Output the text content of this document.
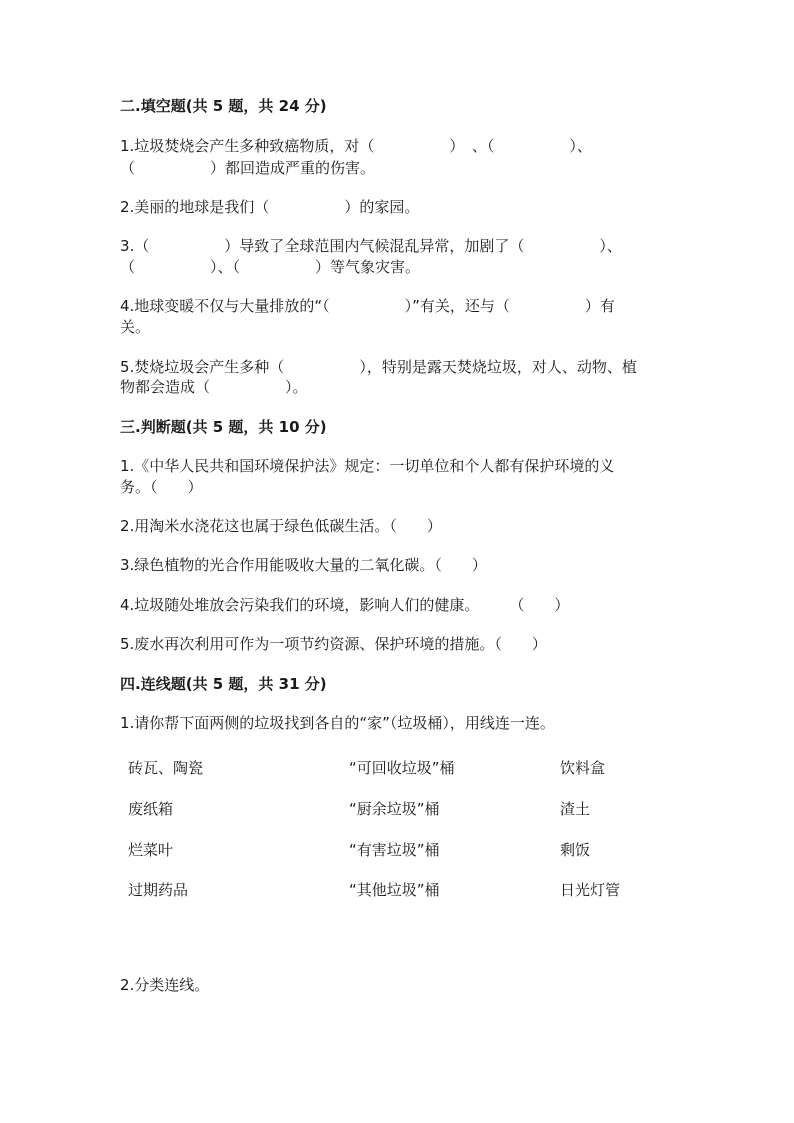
二.填空题(共 5 题，共 24 分)
1.垃圾焚烧会产生多种致癌物质，对（　　　　　）　、（　　　　　）、
（　　　　　）都回造成严重的伤害。
2.美丽的地球是我们（　　　　　）的家园。
3.（　　　　　）导致了全球范围内气候混乱异常，加剧了（　　　　　）、
（　　　　　）、（　　　　　）等气象灾害。
4.地球变暖不仅与大量排放的“（　　　　　）”有关，还与（　　　　　）有
关。
5.焚烧垃圾会产生多种（　　　　　），特别是露天焚烧垃圾，对人、动物、植
物都会造成（　　　　　）。
三.判断题(共 5 题，共 10 分)
1.《中华人民共和国环境保护法》规定：一切单位和个人都有保护环境的义
务。（　　）
2.用淘米水浇花这也属于绿色低碳生活。（　　）
3.绿色植物的光合作用能吸收大量的二氧化碳。（　　）
4.垃圾随处堆放会污染我们的环境，影响人们的健康。　　　（　　）
5.废水再次利用可作为一项节约资源、保护环境的措施。（　　）
四.连线题(共 5 题，共 31 分)
1.请你帮下面两侧的垃圾找到各自的“家”（垃圾桶），用线连一连。
砖瓦、陶瓷	“可回收垃圾”桶	饮料盒
废纸箱	“厨余垃圾”桶	渣土
烂菜叶	“有害垃圾”桶	剩饭
过期药品	“其他垃圾”桶	日光灯管
2.分类连线。
